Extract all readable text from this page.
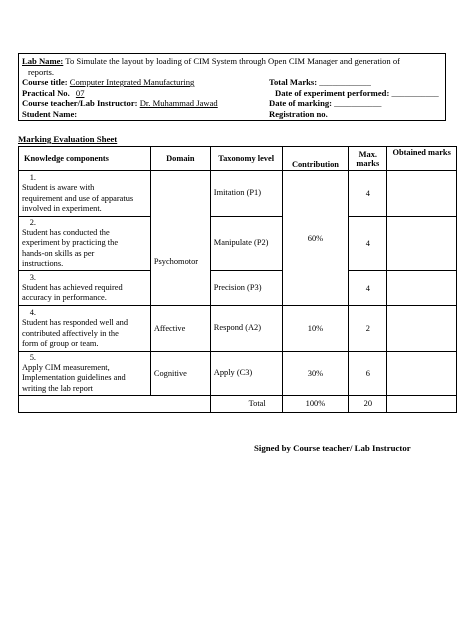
Lab Name: To Simulate the layout by loading of CIM System through Open CIM Manager and generation of
reports.
Course title: Computer Integrated Manufacturing	Total Marks: ____________
Practical No. 07	Date of experiment performed: ___________
Course teacher/Lab Instructor: Dr. Muhammad Jawad	Date of marking: ___________
Student Name:	Registration no.
Marking Evaluation Sheet
Knowledge components	Domain	Taxonomy level	Contribution	Max. marks	Obtained marks
1.Student is aware with requirement and use of apparatus involved in experiment.	Psychomotor	Imitation (P1)	60%	4	
2.Student has conducted the experiment by practicing the hands-on skills as per instructions.		Manipulate (P2)		4	
3.Student has achieved required accuracy in performance.		Precision (P3)		4	
4.Student has responded well and contributed affectively in the form of group or team.	Affective	Respond (A2)	10%	2	
5.Apply CIM measurement, Implementation guidelines and writing the lab report	Cognitive	Apply (C3)	30%	6	
		Total	100%	20	
Signed by Course teacher/ Lab Instructor
